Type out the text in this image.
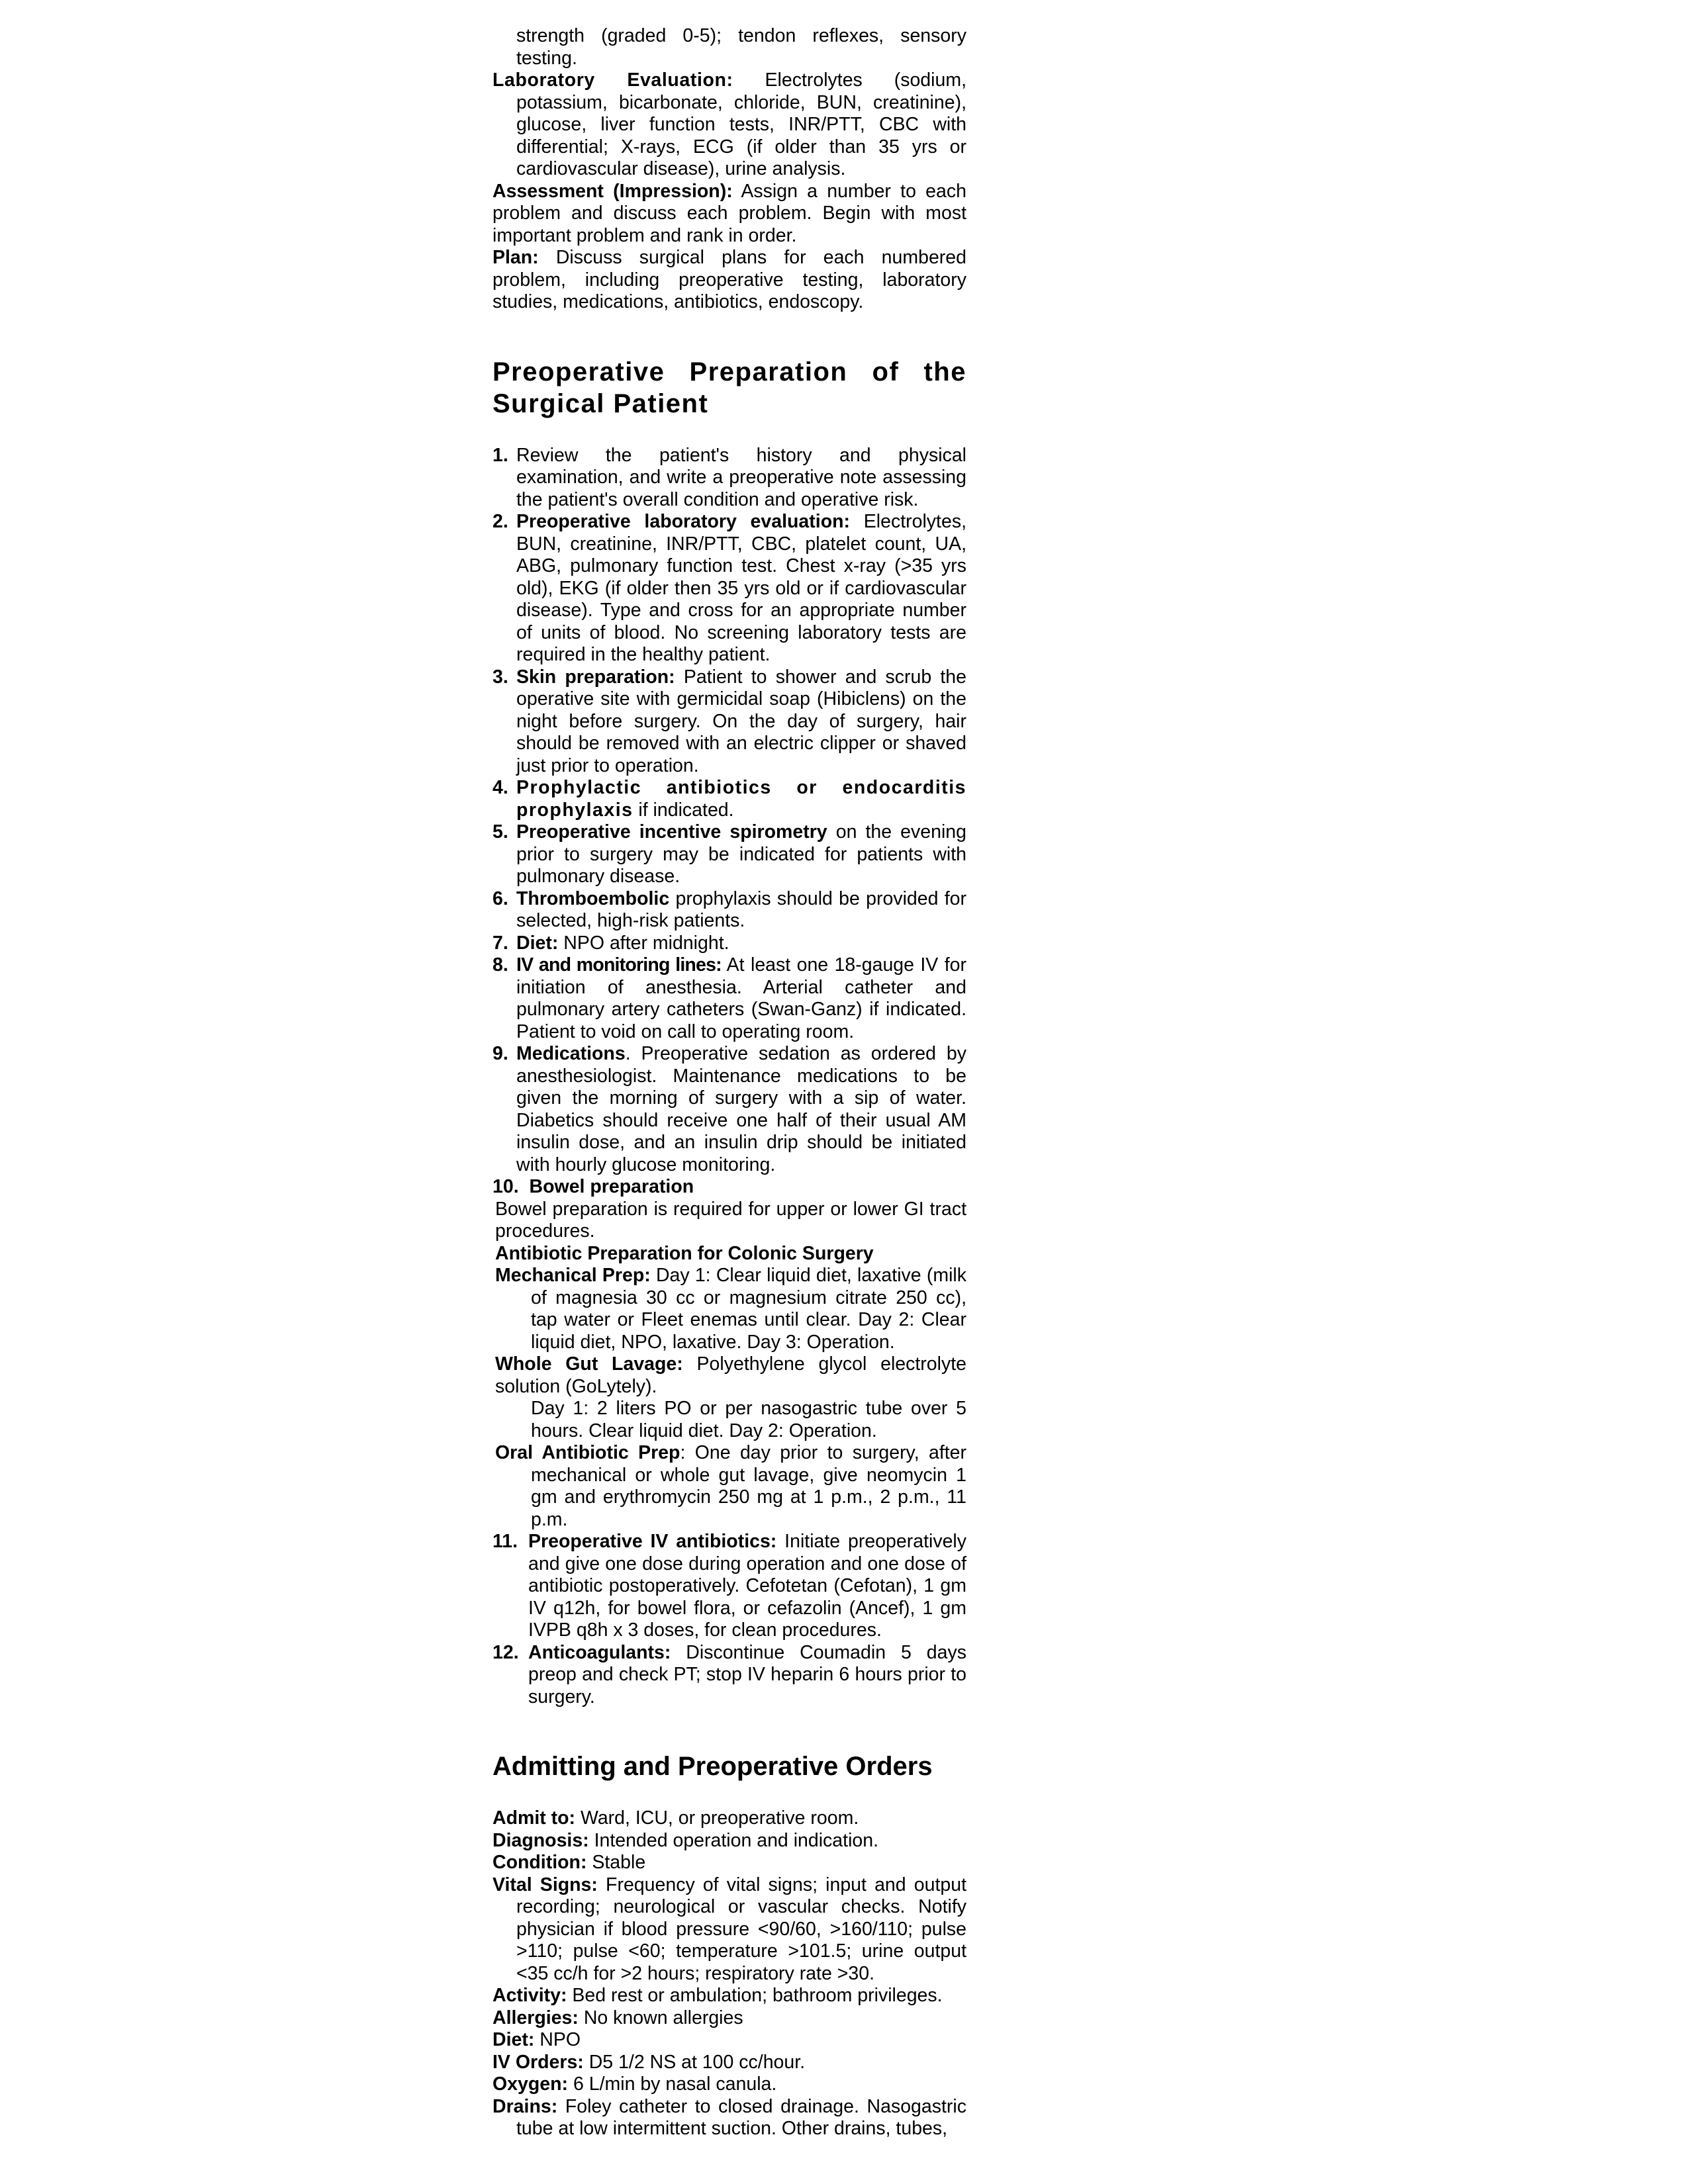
strength (graded 0-5); tendon reflexes, sensory testing.
Laboratory Evaluation: Electrolytes (sodium, potassium, bicarbonate, chloride, BUN, creatinine), glucose, liver function tests, INR/PTT, CBC with differential; X-rays, ECG (if older than 35 yrs or cardiovascular disease), urine analysis.
Assessment (Impression): Assign a number to each problem and discuss each problem. Begin with most important problem and rank in order.
Plan: Discuss surgical plans for each numbered problem, including preoperative testing, laboratory studies, medications, antibiotics, endoscopy.
Preoperative Preparation of the Surgical Patient
1. Review the patient's history and physical examination, and write a preoperative note assessing the patient's overall condition and operative risk.
2. Preoperative laboratory evaluation: Electrolytes, BUN, creatinine, INR/PTT, CBC, platelet count, UA, ABG, pulmonary function test. Chest x-ray (>35 yrs old), EKG (if older then 35 yrs old or if cardiovascular disease). Type and cross for an appropriate number of units of blood. No screening laboratory tests are required in the healthy patient.
3. Skin preparation: Patient to shower and scrub the operative site with germicidal soap (Hibiclens) on the night before surgery. On the day of surgery, hair should be removed with an electric clipper or shaved just prior to operation.
4. Prophylactic antibiotics or endocarditis prophylaxis if indicated.
5. Preoperative incentive spirometry on the evening prior to surgery may be indicated for patients with pulmonary disease.
6. Thromboembolic prophylaxis should be provided for selected, high-risk patients.
7. Diet: NPO after midnight.
8. IV and monitoring lines: At least one 18-gauge IV for initiation of anesthesia. Arterial catheter and pulmonary artery catheters (Swan-Ganz) if indicated. Patient to void on call to operating room.
9. Medications. Preoperative sedation as ordered by anesthesiologist. Maintenance medications to be given the morning of surgery with a sip of water. Diabetics should receive one half of their usual AM insulin dose, and an insulin drip should be initiated with hourly glucose monitoring.
10. Bowel preparation
Bowel preparation is required for upper or lower GI tract procedures.
Antibiotic Preparation for Colonic Surgery
Mechanical Prep: Day 1: Clear liquid diet, laxative (milk of magnesia 30 cc or magnesium citrate 250 cc), tap water or Fleet enemas until clear. Day 2: Clear liquid diet, NPO, laxative. Day 3: Operation.
Whole Gut Lavage: Polyethylene glycol electrolyte solution (GoLytely).
Day 1: 2 liters PO or per nasogastric tube over 5 hours. Clear liquid diet. Day 2: Operation.
Oral Antibiotic Prep: One day prior to surgery, after mechanical or whole gut lavage, give neomycin 1 gm and erythromycin 250 mg at 1 p.m., 2 p.m., 11 p.m.
11. Preoperative IV antibiotics: Initiate preoperatively and give one dose during operation and one dose of antibiotic postoperatively. Cefotetan (Cefotan), 1 gm IV q12h, for bowel flora, or cefazolin (Ancef), 1 gm IVPB q8h x 3 doses, for clean procedures.
12. Anticoagulants: Discontinue Coumadin 5 days preop and check PT; stop IV heparin 6 hours prior to surgery.
Admitting and Preoperative Orders
Admit to: Ward, ICU, or preoperative room.
Diagnosis: Intended operation and indication.
Condition: Stable
Vital Signs: Frequency of vital signs; input and output recording; neurological or vascular checks. Notify physician if blood pressure <90/60, >160/110; pulse >110; pulse <60; temperature >101.5; urine output <35 cc/h for >2 hours; respiratory rate >30.
Activity: Bed rest or ambulation; bathroom privileges.
Allergies: No known allergies
Diet: NPO
IV Orders: D5 1/2 NS at 100 cc/hour.
Oxygen: 6 L/min by nasal canula.
Drains: Foley catheter to closed drainage. Nasogastric tube at low intermittent suction. Other drains, tubes,
